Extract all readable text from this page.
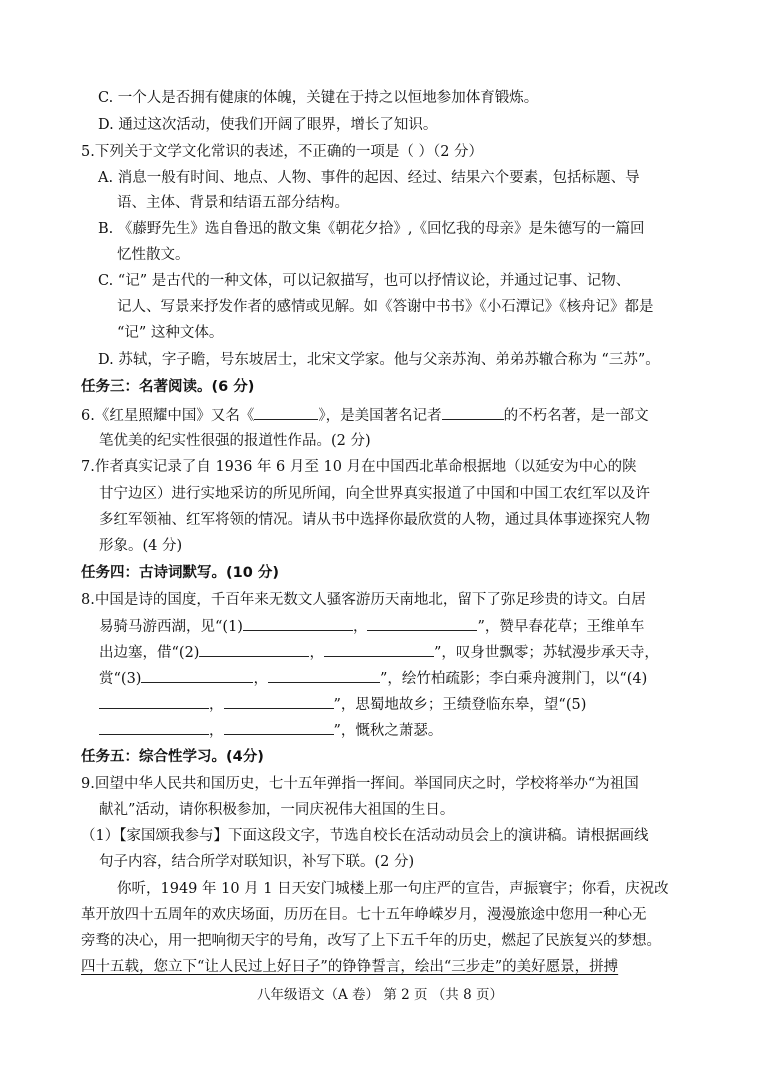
C. 一个人是否拥有健康的体魄，关键在于持之以恒地参加体育锻炼。
D. 通过这次活动，使我们开阔了眼界，增长了知识。
5.下列关于文学文化常识的表述，不正确的一项是（ ）（2 分）
A. 消息一般有时间、地点、人物、事件的起因、经过、结果六个要素，包括标题、导
语、主体、背景和结语五部分结构。
B. 《藤野先生》选自鲁迅的散文集《朝花夕拾》,《回忆我的母亲》是朱德写的一篇回
忆性散文。
C. “记” 是古代的一种文体，可以记叙描写，也可以抒情议论，并通过记事、记物、
记人、写景来抒发作者的感情或见解。如《答谢中书书》《小石潭记》《核舟记》都是
“记” 这种文体。
D. 苏轼，字子瞻，号东坡居士，北宋文学家。他与父亲苏洵、弟弟苏辙合称为 “三苏”。
任务三：名著阅读。(6 分)
6.《红星照耀中国》又名《	》，是美国著名记者	的不朽名著，是一部文
笔优美的纪实性很强的报道性作品。(2 分)
7.作者真实记录了自 1936 年 6 月至 10 月在中国西北革命根据地（以延安为中心的陕
甘宁边区）进行实地采访的所见所闻，向全世界真实报道了中国和中国工农红军以及许
多红军领袖、红军将领的情况。请从书中选择你最欣赏的人物，通过具体事迹探究人物
形象。(4 分)
任务四：古诗词默写。(10 分)
8.中国是诗的国度，千百年来无数文人骚客游历天南地北，留下了弥足珍贵的诗文。白居
易骑马游西湖，见“(1)	，	”，赞早春花草；王维单车
出边塞，借“(2)	，	”，叹身世飘零；苏轼漫步承天寺，
赏“(3)	，	”，绘竹柏疏影；李白乘舟渡荆门，以“(4)
，	”，思蜀地故乡；王绩登临东皋，望“(5)
，	”，慨秋之萧瑟。
任务五：综合性学习。(4分)
9.回望中华人民共和国历史，七十五年弹指一挥间。举国同庆之时，学校将举办“为祖国
献礼”活动，请你积极参加，一同庆祝伟大祖国的生日。
（1）【家国颂我参与】下面这段文字，节选自校长在活动动员会上的演讲稿。请根据画线
句子内容，结合所学对联知识，补写下联。(2 分)
你听，1949 年 10 月 1 日天安门城楼上那一句庄严的宣告，声振寰宇；你看，庆祝改
革开放四十五周年的欢庆场面，历历在目。七十五年峥嵘岁月，漫漫旅途中您用一种心无
旁骛的决心，用一把响彻天宇的号角，改写了上下五千年的历史，燃起了民族复兴的梦想。
四十五载，您立下“让人民过上好日子”的铮铮誓言，绘出“三步走”的美好愿景，拼搏
八年级语文（A 卷） 第 2 页 （共 8 页）
